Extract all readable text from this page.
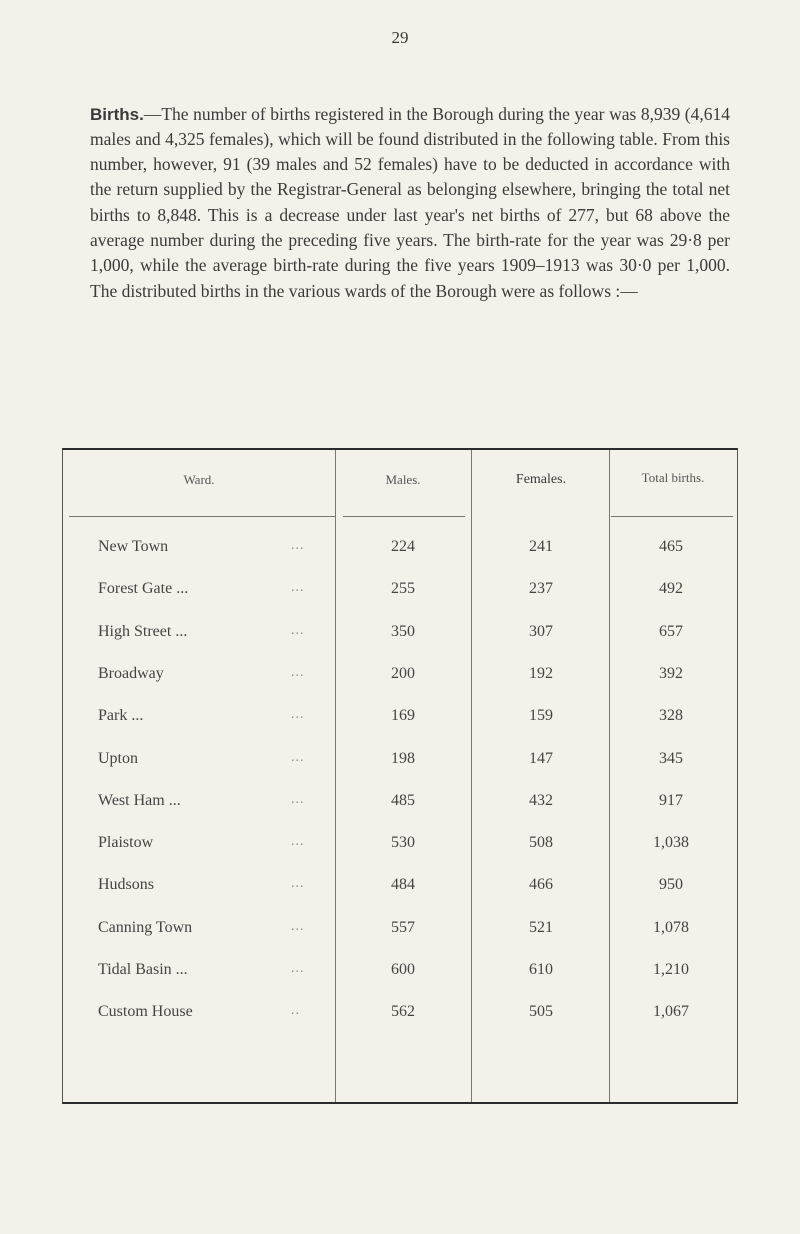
29

Births.—The number of births registered in the Borough during the year was 8,939 (4,614 males and 4,325 females), which will be found distributed in the following table. From this number, however, 91 (39 males and 52 females) have to be deducted in accordance with the return supplied by the Registrar-General as belonging elsewhere, bringing the total net births to 8,848. This is a decrease under last year's net births of 277, but 68 above the average number during the preceding five years. The birth-rate for the year was 29·8 per 1,000, while the average birth-rate during the five years 1909–1913 was 30·0 per 1,000. The distributed births in the various wards of the Borough were as follows :—

Ward.	Males.	Females.	Total births.
New Town	...	224	241	465
Forest Gate ...	...	255	237	492
High Street ...	...	350	307	657
Broadway	...	200	192	392
Park ...	...	169	159	328
Upton	...	198	147	345
West Ham ...	...	485	432	917
Plaistow	...	530	508	1,038
Hudsons	...	484	466	950
Canning Town	...	557	521	1,078
Tidal Basin ...	...	600	610	1,210
Custom House	..	562	505	1,067
